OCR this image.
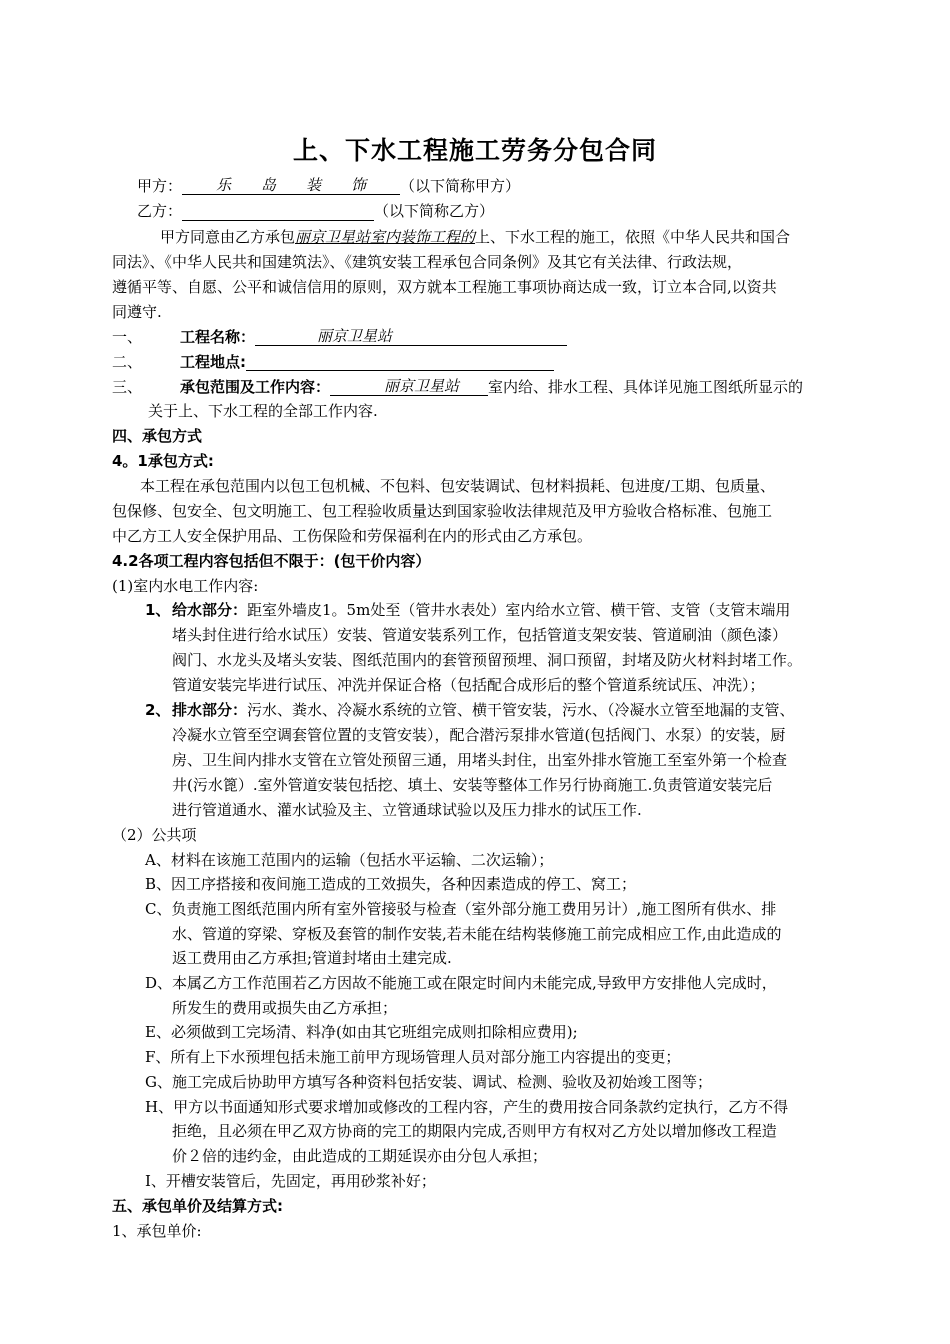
上、下水工程施工劳务分包合同
甲方： 乐　　岛　　装　　饰 （以下简称甲方）
乙方：	（以下简称乙方）
甲方同意由乙方承包丽京卫星站室内装饰工程的上、下水工程的施工，依照《中华人民共和国合
同法》、《中华人民共和国建筑法》、《建筑安装工程承包合同条例》及其它有关法律、行政法规，
遵循平等、自愿、公平和诚信信用的原则，双方就本工程施工事项协商达成一致，订立本合同,以资共
同遵守.
一、	工程名称：	丽京卫星站
二、	工程地点:
三、	承包范围及工作内容：	丽京卫星站 室内给、排水工程、具体详见施工图纸所显示的
关于上、下水工程的全部工作内容.
四、承包方式
4。1承包方式:
本工程在承包范围内以包工包机械、不包料、包安装调试、包材料损耗、包进度/工期、包质量、
包保修、包安全、包文明施工、包工程验收质量达到国家验收法律规范及甲方验收合格标准、包施工
中乙方工人安全保护用品、工伤保险和劳保福利在内的形式由乙方承包。
4.2各项工程内容包括但不限于：(包干价内容）
(1)室内水电工作内容:
1、 给水部分：距室外墙皮1。5m处至（管井水表处）室内给水立管、横干管、支管（支管末端用
堵头封住进行给水试压）安装、管道安装系列工作，包括管道支架安装、管道刷油（颜色漆）
阀门、水龙头及堵头安装、图纸范围内的套管预留预埋、洞口预留，封堵及防火材料封堵工作。
管道安装完毕进行试压、冲洗并保证合格（包括配合成形后的整个管道系统试压、冲洗）；
2、 排水部分：污水、粪水、冷凝水系统的立管、横干管安装，污水、（冷凝水立管至地漏的支管、
冷凝水立管至空调套管位置的支管安装），配合潜污泵排水管道(包括阀门、水泵）的安装，厨
房、卫生间内排水支管在立管处预留三通，用堵头封住，出室外排水管施工至室外第一个检查
井(污水篦）.室外管道安装包括挖、填土、安装等整体工作另行协商施工.负责管道安装完后
进行管道通水、灌水试验及主、立管通球试验以及压力排水的试压工作.
（2）公共项
A、材料在该施工范围内的运输（包括水平运输、二次运输）；
B、因工序搭接和夜间施工造成的工效损失，各种因素造成的停工、窝工；
C、负责施工图纸范围内所有室外管接驳与检查（室外部分施工费用另计）,施工图所有供水、排
水、管道的穿梁、穿板及套管的制作安装,若未能在结构装修施工前完成相应工作,由此造成的
返工费用由乙方承担;管道封堵由土建完成.
D、本属乙方工作范围若乙方因故不能施工或在限定时间内未能完成,导致甲方安排他人完成时，
所发生的费用或损失由乙方承担；
E、必须做到工完场清、料净(如由其它班组完成则扣除相应费用);
F、所有上下水预埋包括未施工前甲方现场管理人员对部分施工内容提出的变更；
G、施工完成后协助甲方填写各种资料包括安装、调试、检测、验收及初始竣工图等；
H、甲方以书面通知形式要求增加或修改的工程内容，产生的费用按合同条款约定执行，乙方不得
拒绝，且必须在甲乙双方协商的完工的期限内完成,否则甲方有权对乙方处以增加修改工程造
价２倍的违约金，由此造成的工期延误亦由分包人承担；
I、开槽安装管后，先固定，再用砂浆补好；
五、承包单价及结算方式:
1、承包单价:
